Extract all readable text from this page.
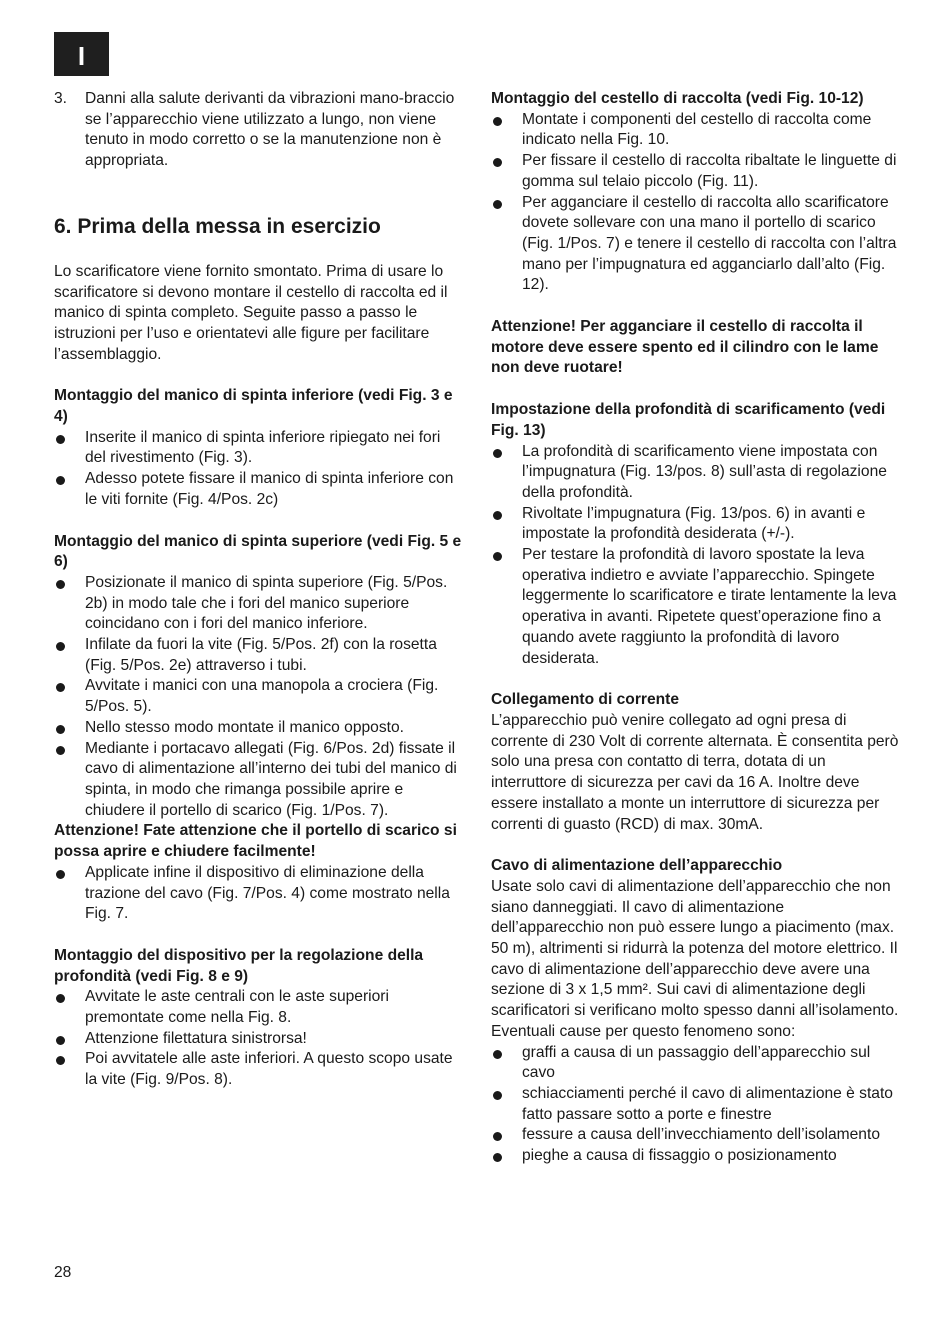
I
3.	Danni alla salute derivanti da vibrazioni mano-braccio se l’apparecchio viene utilizzato a lungo, non viene tenuto in modo corretto o se la manutenzione non è appropriata.

6. Prima della messa in esercizio

Lo scarificatore viene fornito smontato. Prima di usare lo scarificatore si devono montare il cestello di raccolta ed il manico di spinta completo. Seguite passo a passo le istruzioni per l’uso e orientatevi alle figure per facilitare l’assemblaggio.

Montaggio del manico di spinta inferiore (vedi Fig. 3 e 4)

Inserite il manico di spinta inferiore ripiegato nei fori del rivestimento (Fig. 3).

Adesso potete fissare il manico di spinta inferiore con le viti fornite (Fig. 4/Pos. 2c)

Montaggio del manico di spinta superiore (vedi Fig. 5 e 6)

Posizionate il manico di spinta superiore (Fig. 5/Pos. 2b) in modo tale che i fori del manico superiore coincidano con i fori del manico inferiore.

Infilate da fuori la vite (Fig. 5/Pos. 2f) con la rosetta (Fig. 5/Pos. 2e) attraverso i tubi.

Avvitate i manici con una manopola a crociera (Fig. 5/Pos. 5).

Nello stesso modo montate il manico opposto.

Mediante i portacavo allegati (Fig. 6/Pos. 2d) fissate il cavo di alimentazione all’interno dei tubi del manico di spinta, in modo che rimanga possibile aprire e chiudere il portello di scarico (Fig. 1/Pos. 7).

Attenzione! Fate attenzione che il portello di scarico si possa aprire e chiudere facilmente!

Applicate infine il dispositivo di eliminazione della trazione del cavo (Fig. 7/Pos. 4) come mostrato nella Fig. 7.

Montaggio del dispositivo per la regolazione della profondità (vedi Fig. 8 e 9)

Avvitate le aste centrali con le aste superiori premontate come nella Fig. 8.

Attenzione filettatura sinistrorsa!

Poi avvitatele alle aste inferiori. A questo scopo usate la vite (Fig. 9/Pos. 8).

Montaggio del cestello di raccolta (vedi Fig. 10-12)

Montate i componenti del cestello di raccolta come indicato nella Fig. 10.

Per fissare il cestello di raccolta ribaltate le linguette di gomma sul telaio piccolo (Fig. 11).

Per agganciare il cestello di raccolta allo scarificatore dovete sollevare con una mano il portello di scarico (Fig. 1/Pos. 7) e tenere il cestello di raccolta con l’altra mano per l’impugnatura ed agganciarlo dall’alto (Fig. 12).

Attenzione! Per agganciare il cestello di raccolta il motore deve essere spento ed il cilindro con le lame non deve ruotare!

Impostazione della profondità di scarificamento (vedi Fig. 13)

La profondità di scarificamento viene impostata con l’impugnatura (Fig. 13/pos. 8) sull’asta di regolazione della profondità.

Rivoltate l’impugnatura (Fig. 13/pos. 6) in avanti e impostate la profondità desiderata (+/-).

Per testare la profondità di lavoro spostate la leva operativa indietro e avviate l’apparecchio. Spingete leggermente lo scarificatore e tirate lentamente la leva operativa in avanti. Ripetete quest’operazione fino a quando avete raggiunto la profondità di lavoro desiderata.

Collegamento di corrente

L’apparecchio può venire collegato ad ogni presa di corrente di 230 Volt di corrente alternata. È consentita però solo una presa con contatto di terra, dotata di un interruttore di sicurezza per cavi da 16 A. Inoltre deve essere installato a monte un interruttore di sicurezza per correnti di guasto (RCD) di max. 30mA.

Cavo di alimentazione dell’apparecchio

Usate solo cavi di alimentazione dell’apparecchio che non siano danneggiati. Il cavo di alimentazione dell’apparecchio non può essere lungo a piacimento (max. 50 m), altrimenti si ridurrà la potenza del motore elettrico. Il cavo di alimentazione dell’apparecchio deve avere una sezione di 3 x 1,5 mm². Sui cavi di alimentazione degli scarificatori si verificano molto spesso danni all’isolamento. Eventuali cause per questo fenomeno sono:

graffi a causa di un passaggio dell’apparecchio sul cavo

schiacciamenti perché il cavo di alimentazione è stato fatto passare sotto a porte e finestre

fessure a causa dell’invecchiamento dell’isolamento

pieghe a causa di fissaggio o posizionamento

28
